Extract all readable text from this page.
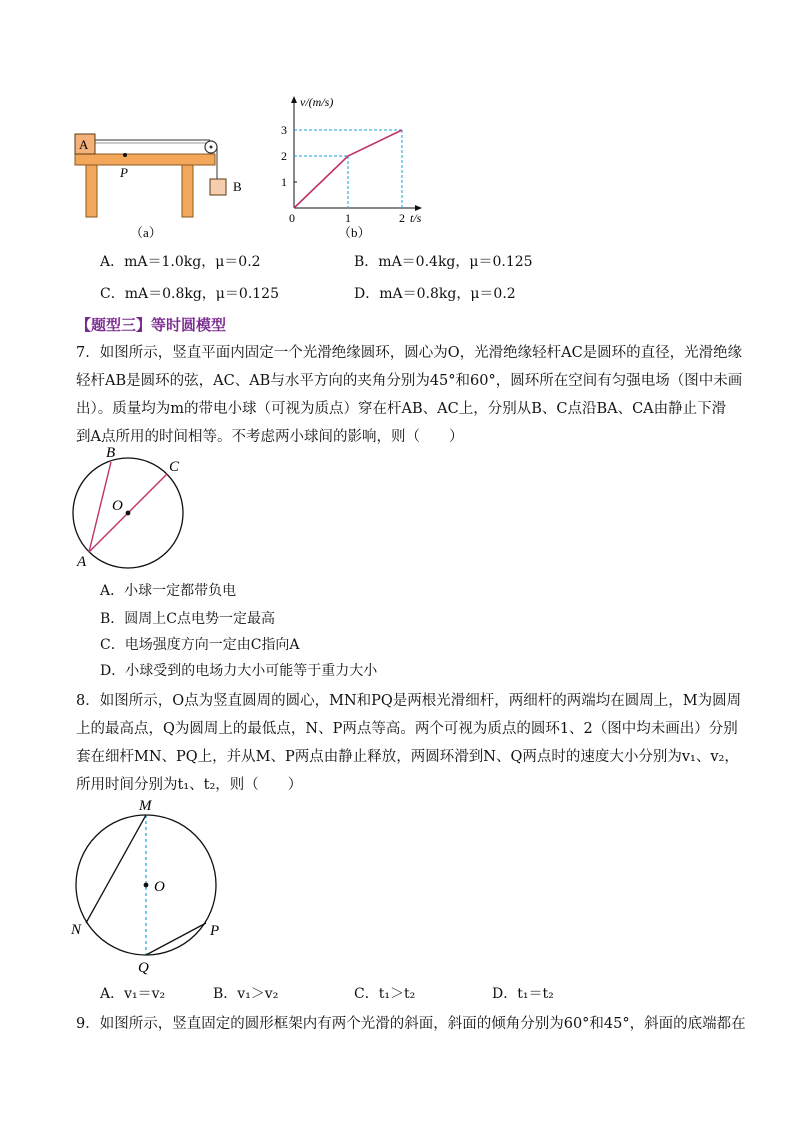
A
B
P
（a）
v/(m/s)
t/s
0
1
2
3
1	2
（b）
A．mA＝1.0kg，μ＝0.2	B．mA＝0.4kg，μ＝0.125
C．mA＝0.8kg，μ＝0.125	D．mA＝0.8kg，μ＝0.2
【题型三】等时圆模型
7．如图所示，竖直平面内固定一个光滑绝缘圆环，圆心为O，光滑绝缘轻杆AC是圆环的直径，光滑绝缘
轻杆AB是圆环的弦，AC、AB与水平方向的夹角分别为45°和60°，圆环所在空间有匀强电场（图中未画
出）。质量均为m的带电小球（可视为质点）穿在杆AB、AC上，分别从B、C点沿BA、CA由静止下滑
到A点所用的时间相等。不考虑两小球间的影响，则（　　）
B
C
O
A
A．小球一定都带负电
B．圆周上C点电势一定最高
C．电场强度方向一定由C指向A
D．小球受到的电场力大小可能等于重力大小
8．如图所示，O点为竖直圆周的圆心，MN和PQ是两根光滑细杆，两细杆的两端均在圆周上，M为圆周
上的最高点，Q为圆周上的最低点，N、P两点等高。两个可视为质点的圆环1、2（图中均未画出）分别
套在细杆MN、PQ上，并从M、P两点由静止释放，两圆环滑到N、Q两点时的速度大小分别为v₁、v₂，
所用时间分别为t₁、t₂，则（　　）
M
O
N	P
Q
A．v₁＝v₂	B．v₁＞v₂	C．t₁＞t₂	D．t₁＝t₂
9．如图所示，竖直固定的圆形框架内有两个光滑的斜面，斜面的倾角分别为60°和45°，斜面的底端都在
